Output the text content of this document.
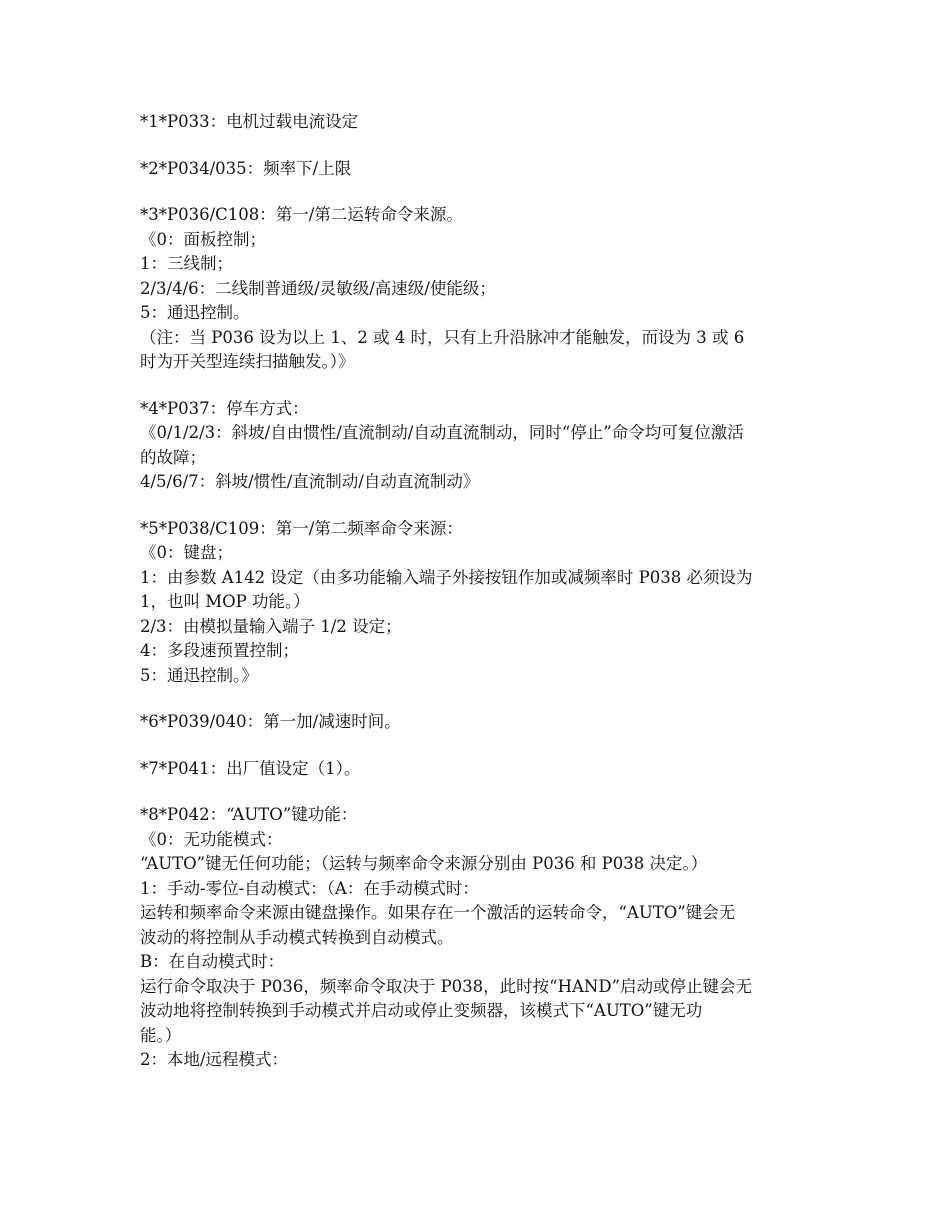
*1*P033：电机过载电流设定
*2*P034/035：频率下/上限
*3*P036/C108：第一/第二运转命令来源。
《0：面板控制；
1：三线制；
2/3/4/6：二线制普通级/灵敏级/高速级/使能级；
5：通迅控制。
（注：当 P036 设为以上 1、2 或 4 时，只有上升沿脉冲才能触发，而设为 3 或 6
时为开关型连续扫描触发。）》
*4*P037：停车方式：
《0/1/2/3：斜坡/自由惯性/直流制动/自动直流制动，同时“停止”命令均可复位激活
的故障；
4/5/6/7：斜坡/惯性/直流制动/自动直流制动》
*5*P038/C109：第一/第二频率命令来源：
《0：键盘；
1：由参数 A142 设定（由多功能输入端子外接按钮作加或减频率时 P038 必须设为
1，也叫 MOP 功能。）
2/3：由模拟量输入端子 1/2 设定；
4：多段速预置控制；
5：通迅控制。》
*6*P039/040：第一加/减速时间。
*7*P041：出厂值设定（1）。
*8*P042：“AUTO”键功能：
《0：无功能模式：
“AUTO”键无任何功能；（运转与频率命令来源分别由 P036 和 P038 决定。）
1：手动-零位-自动模式：（A：在手动模式时：
运转和频率命令来源由键盘操作。如果存在一个激活的运转命令，“AUTO”键会无
波动的将控制从手动模式转换到自动模式。
B：在自动模式时：
运行命令取决于 P036，频率命令取决于 P038，此时按“HAND”启动或停止键会无
波动地将控制转换到手动模式并启动或停止变频器，该模式下“AUTO”键无功
能。）
2：本地/远程模式：
